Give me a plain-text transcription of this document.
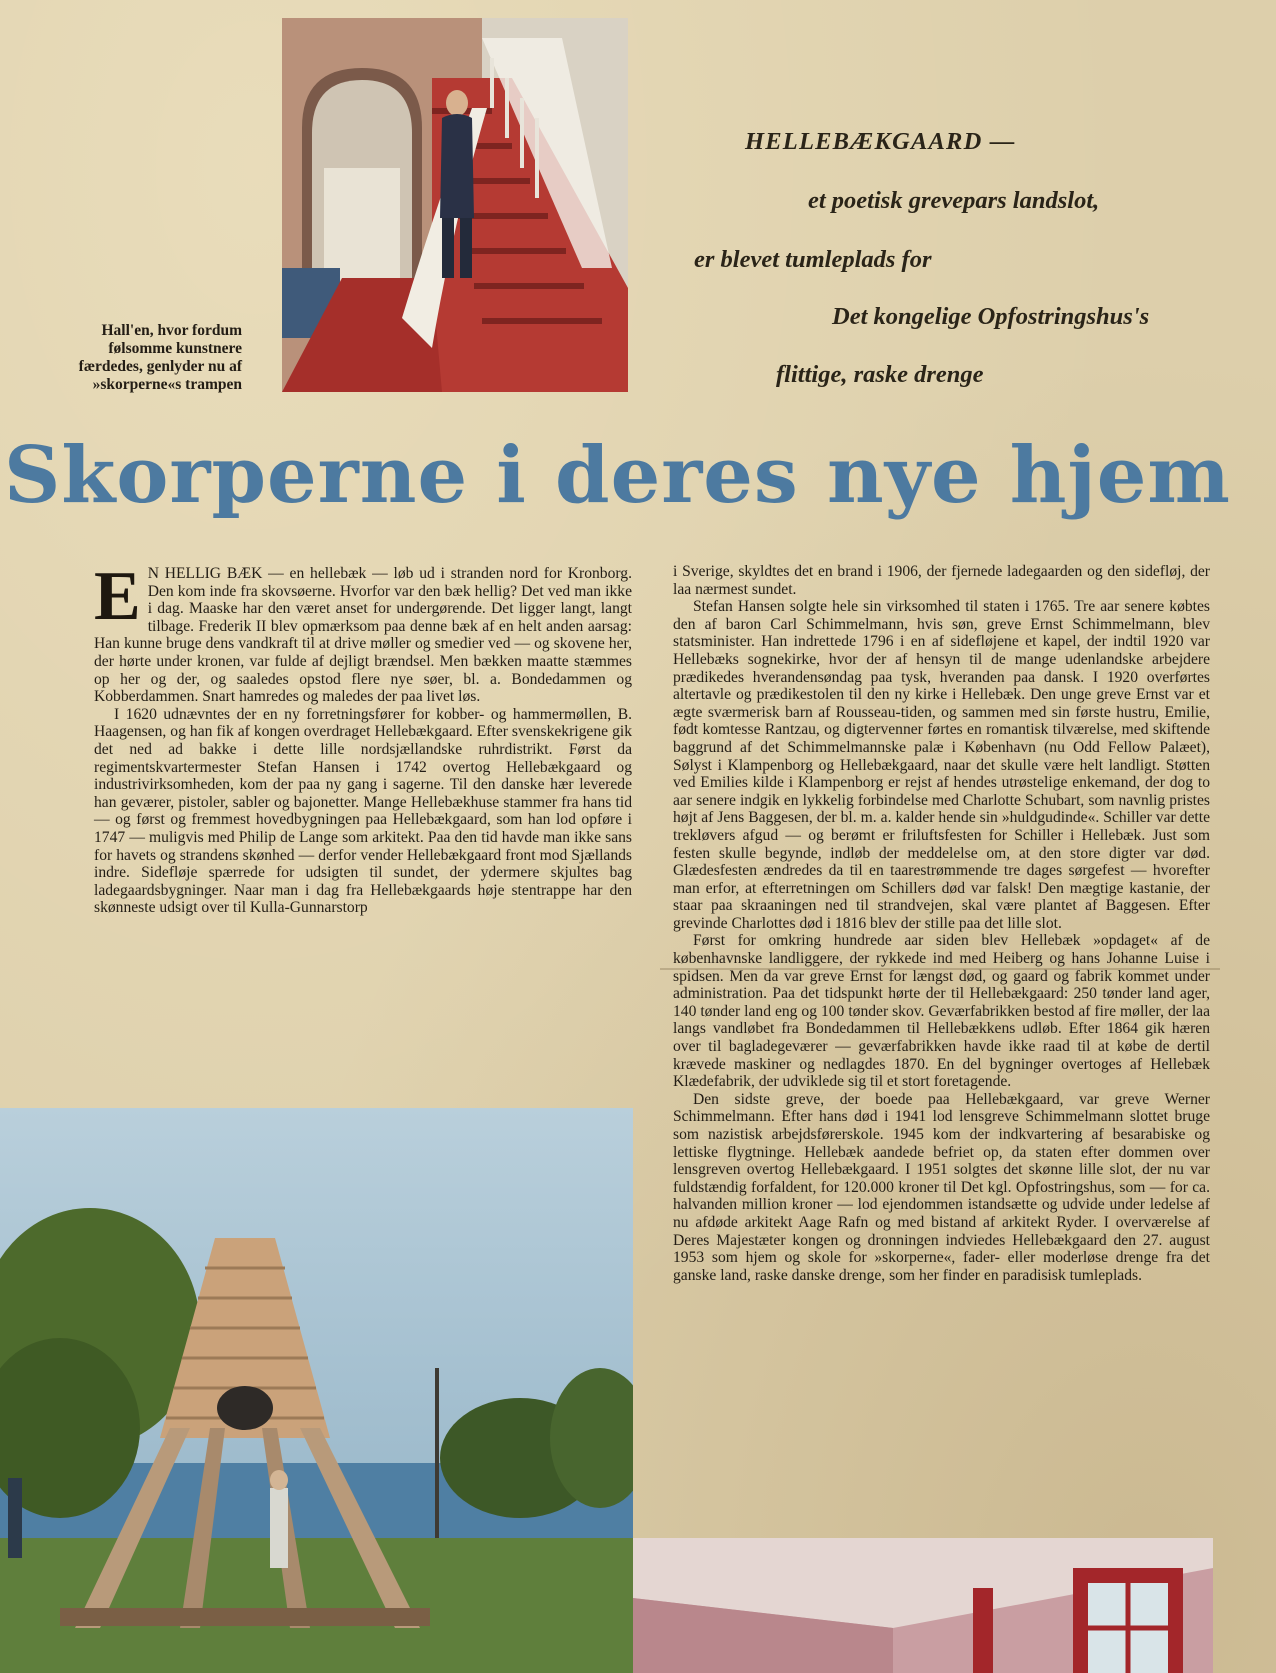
Hall'en, hvor fordum
følsomme kunstnere
færdedes, genlyder nu af
»skorperne«s trampen
HELLEBÆKGAARD —
et poetisk grevepars landslot,
er blevet tumleplads for
Det kongelige Opfostringshus's
flittige, raske drenge
Skorperne i deres nye hjem

E N HELLIG BÆK — en hellebæk — løb ud i stranden nord for Kronborg. Den kom inde fra skovsøerne. Hvorfor var den bæk hellig? Det ved man ikke i dag. Maaske har den været anset for undergørende. Det ligger langt, langt tilbage. Frederik II blev opmærksom paa denne bæk af en helt anden aarsag: Han kunne bruge dens vandkraft til at drive møller og smedier ved — og skovene her, der hørte under kronen, var fulde af dejligt brændsel. Men bækken maatte stæmmes op her og der, og saaledes opstod flere nye søer, bl. a. Bondedammen og Kobberdammen. Snart hamredes og maledes der paa livet løs.

I 1620 udnævntes der en ny forretningsfører for kobber- og hammermøllen, B. Haagensen, og han fik af kongen overdraget Hellebækgaard. Efter svenskekrigene gik det ned ad bakke i dette lille nordsjællandske ruhrdistrikt. Først da regimentskvartermester Stefan Hansen i 1742 overtog Hellebækgaard og industrivirksomheden, kom der paa ny gang i sagerne. Til den danske hær leverede han geværer, pistoler, sabler og bajonetter. Mange Hellebækhuse stammer fra hans tid — og først og fremmest hovedbygningen paa Hellebækgaard, som han lod opføre i 1747 — muligvis med Philip de Lange som arkitekt. Paa den tid havde man ikke sans for havets og strandens skønhed — derfor vender Hellebækgaard front mod Sjællands indre. Sidefløje spærrede for udsigten til sundet, der ydermere skjultes bag ladegaardsbygninger. Naar man i dag fra Hellebækgaards høje stentrappe har den skønneste udsigt over til Kulla-Gunnarstorp

i Sverige, skyldtes det en brand i 1906, der fjernede ladegaarden og den sidefløj, der laa nærmest sundet.

Stefan Hansen solgte hele sin virksomhed til staten i 1765. Tre aar senere købtes den af baron Carl Schimmelmann, hvis søn, greve Ernst Schimmelmann, blev statsminister. Han indrettede 1796 i en af sidefløjene et kapel, der indtil 1920 var Hellebæks sognekirke, hvor der af hensyn til de mange udenlandske arbejdere prædikedes hverandensøndag paa tysk, hveranden paa dansk. I 1920 overførtes altertavle og prædikestolen til den ny kirke i Hellebæk. Den unge greve Ernst var et ægte sværmerisk barn af Rousseau-tiden, og sammen med sin første hustru, Emilie, født komtesse Rantzau, og digtervenner førtes en romantisk tilværelse, med skiftende baggrund af det Schimmelmannske palæ i København (nu Odd Fellow Palæet), Sølyst i Klampenborg og Hellebækgaard, naar det skulle være helt landligt. Støtten ved Emilies kilde i Klampenborg er rejst af hendes utrøstelige enkemand, der dog to aar senere indgik en lykkelig forbindelse med Charlotte Schubart, som navnlig pristes højt af Jens Baggesen, der bl. m. a. kalder hende sin »huldgudinde«. Schiller var dette trekløvers afgud — og berømt er friluftsfesten for Schiller i Hellebæk. Just som festen skulle begynde, indløb der meddelelse om, at den store digter var død. Glædesfesten ændredes da til en taarestrømmende tre dages sørgefest — hvorefter man erfor, at efterretningen om Schillers død var falsk! Den mægtige kastanie, der staar paa skraaningen ned til strandvejen, skal være plantet af Baggesen. Efter grevinde Charlottes død i 1816 blev der stille paa det lille slot.

Først for omkring hundrede aar siden blev Hellebæk »opdaget« af de københavnske landliggere, der rykkede ind med Heiberg og hans Johanne Luise i spidsen. Men da var greve Ernst for længst død, og gaard og fabrik kommet under administration. Paa det tidspunkt hørte der til Hellebækgaard: 250 tønder land ager, 140 tønder land eng og 100 tønder skov. Geværfabrikken bestod af fire møller, der laa langs vandløbet fra Bondedammen til Hellebækkens udløb. Efter 1864 gik hæren over til bagladegeværer — geværfabrikken havde ikke raad til at købe de dertil krævede maskiner og nedlagdes 1870. En del bygninger overtoges af Hellebæk Klædefabrik, der udviklede sig til et stort foretagende.

Den sidste greve, der boede paa Hellebækgaard, var greve Werner Schimmelmann. Efter hans død i 1941 lod lensgreve Schimmelmann slottet bruge som nazistisk arbejdsførerskole. 1945 kom der indkvartering af besarabiske og lettiske flygtninge. Hellebæk aandede befriet op, da staten efter dommen over lensgreven overtog Hellebækgaard. I 1951 solgtes det skønne lille slot, der nu var fuldstændig forfaldent, for 120.000 kroner til Det kgl. Opfostringshus, som — for ca. halvanden million kroner — lod ejendommen istandsætte og udvide under ledelse af nu afdøde arkitekt Aage Rafn og med bistand af arkitekt Ryder. I overværelse af Deres Majestæter kongen og dronningen indviedes Hellebækgaard den 27. august 1953 som hjem og skole for »skorperne«, fader- eller moderløse drenge fra det ganske land, raske danske drenge, som her finder en paradisisk tumleplads.
